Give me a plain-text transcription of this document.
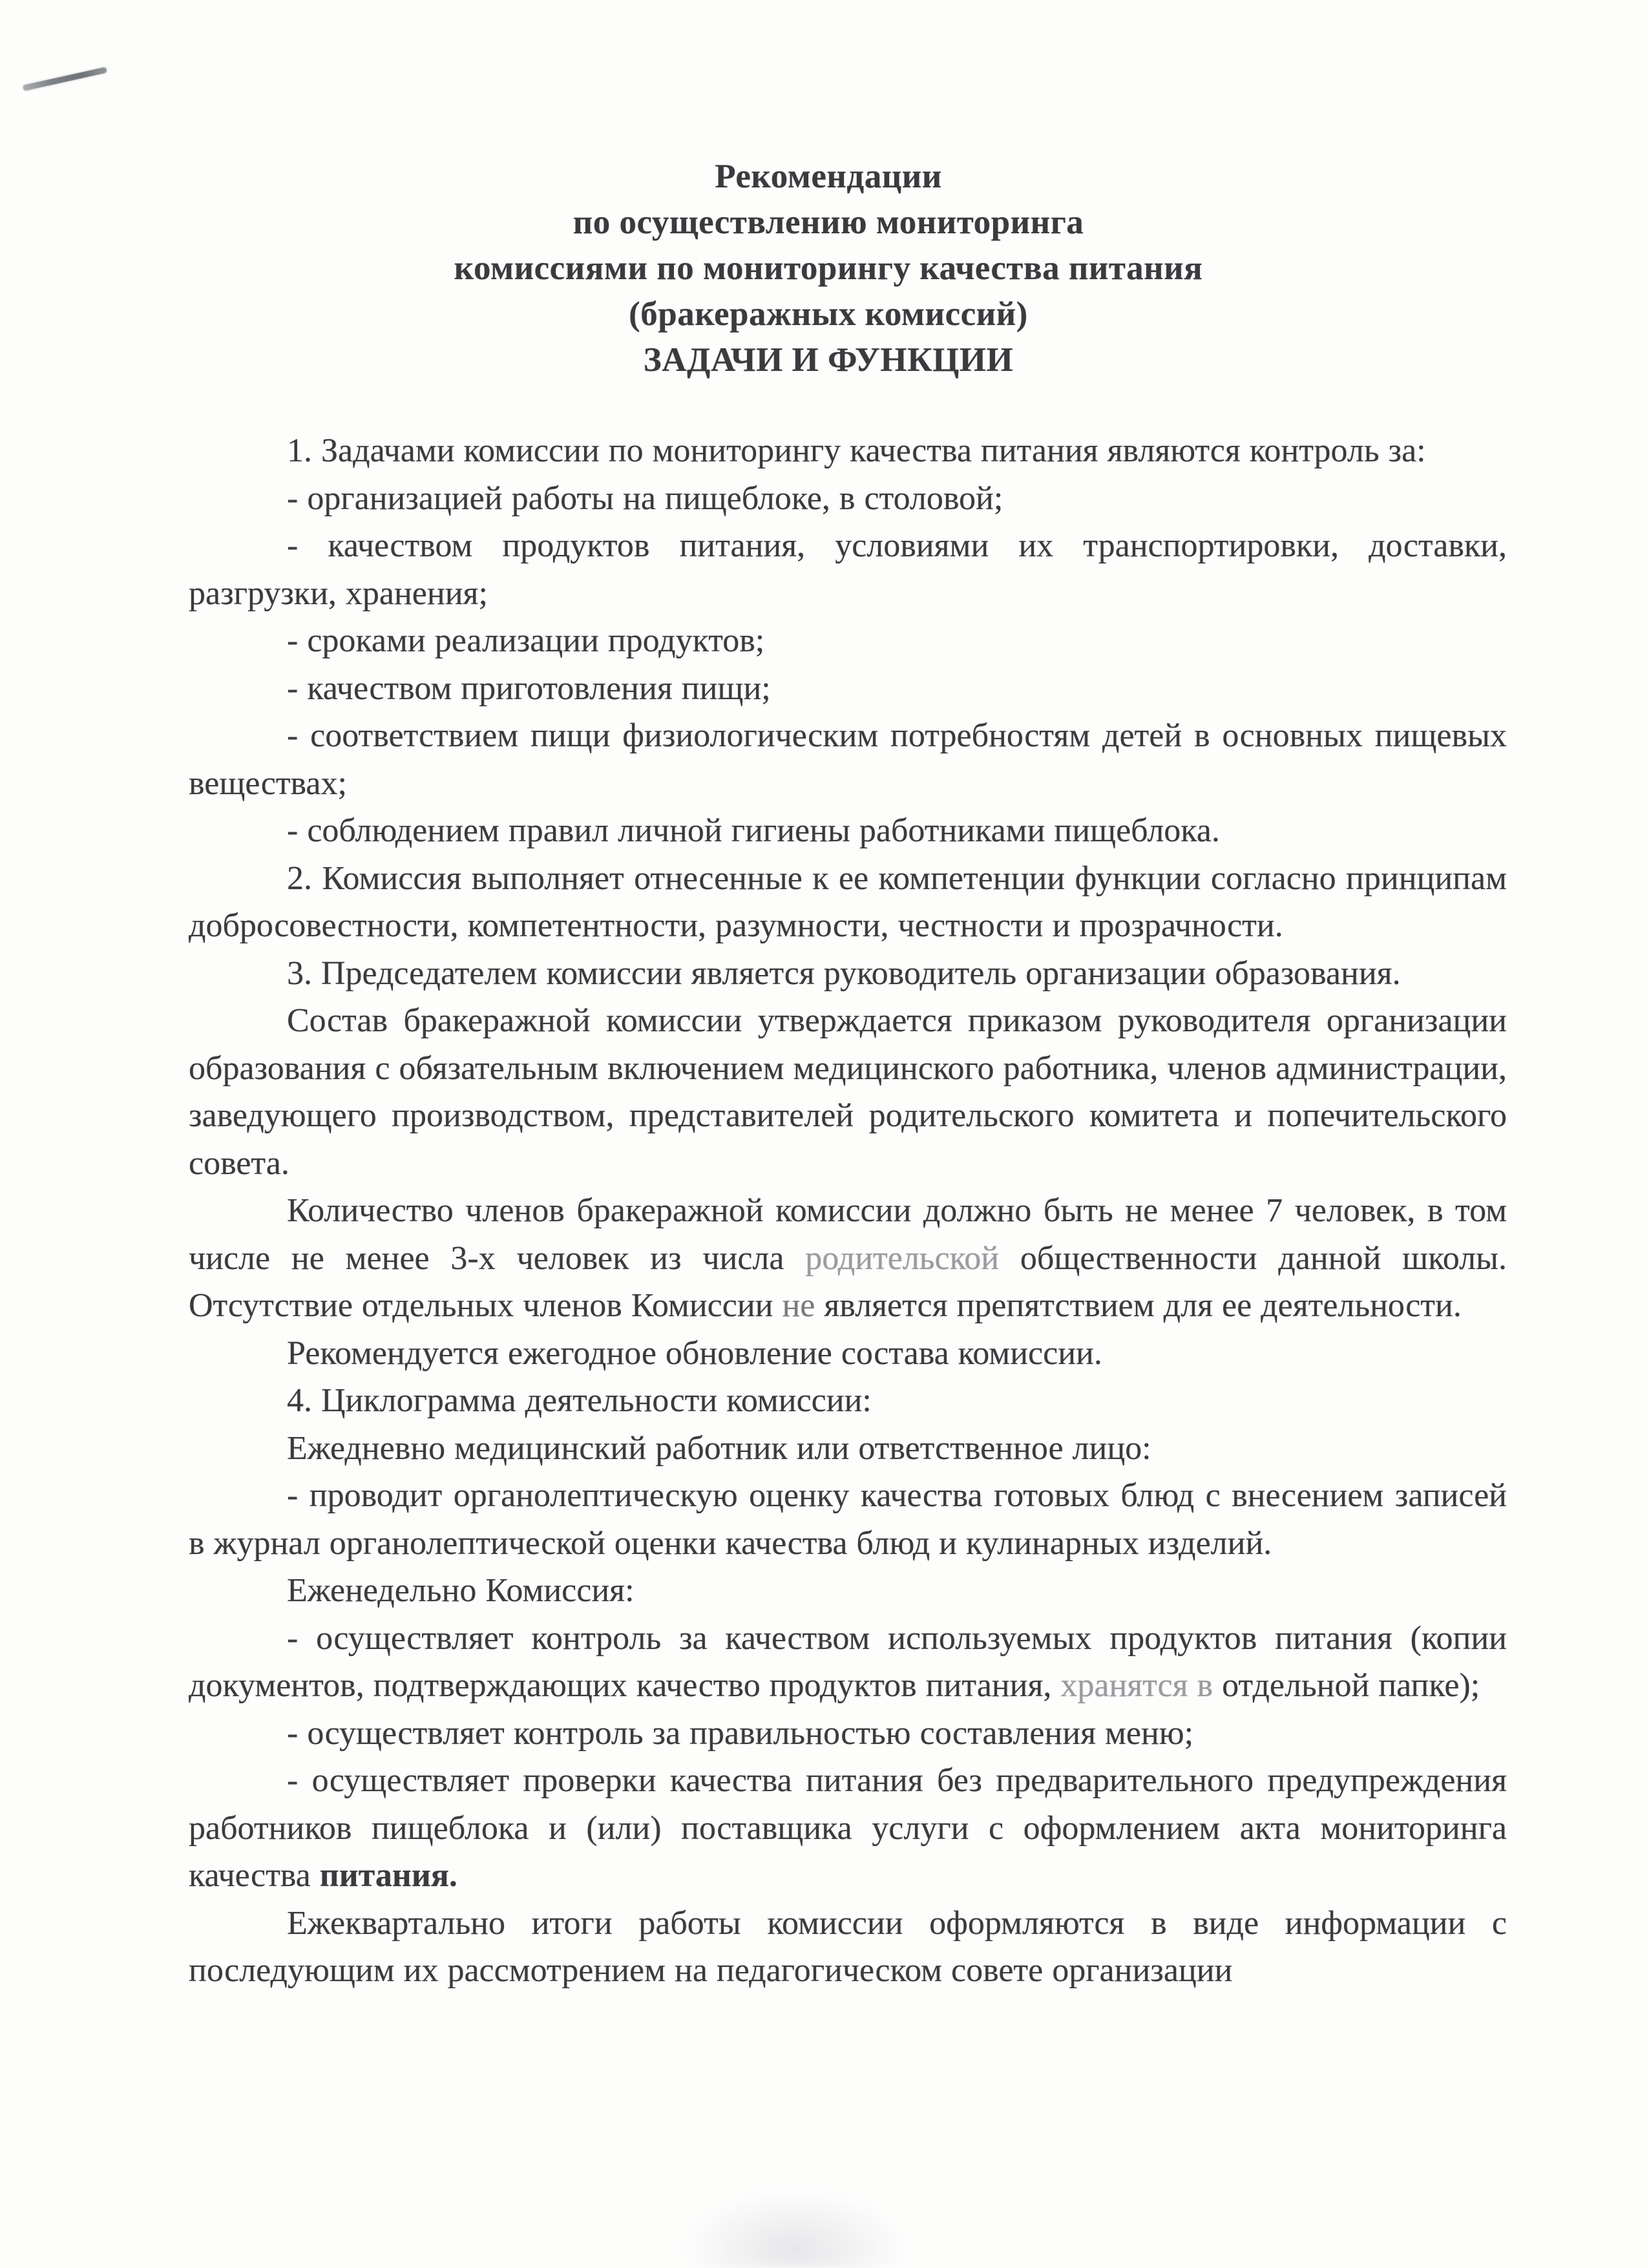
Рекомендации
по осуществлению мониторинга
комиссиями по мониторингу качества питания
(бракеражных комиссий)
ЗАДАЧИ И ФУНКЦИИ

1. Задачами комиссии по мониторингу качества питания являются контроль за:

- организацией работы на пищеблоке, в столовой;

- качеством продуктов питания, условиями их транспортировки, доставки, разгрузки, хранения;

- сроками реализации продуктов;

- качеством приготовления пищи;

- соответствием пищи физиологическим потребностям детей в основных пищевых веществах;

- соблюдением правил личной гигиены работниками пищеблока.

2. Комиссия выполняет отнесенные к ее компетенции функции согласно принципам добросовестности, компетентности, разумности, честности и прозрачности.

3. Председателем комиссии является руководитель организации образования.

Состав бракеражной комиссии утверждается приказом руководителя организации образования с обязательным включением медицинского работника, членов администрации, заведующего производством, представителей родительского комитета и попечительского совета.

Количество членов бракеражной комиссии должно быть не менее 7 человек, в том числе не менее 3-х человек из числа родительской общественности данной школы. Отсутствие отдельных членов Комиссии не является препятствием для ее деятельности.

Рекомендуется ежегодное обновление состава комиссии.

4. Циклограмма деятельности комиссии:

Ежедневно медицинский работник или ответственное лицо:

- проводит органолептическую оценку качества готовых блюд с внесением записей в журнал органолептической оценки качества блюд и кулинарных изделий.

Еженедельно Комиссия:

- осуществляет контроль за качеством используемых продуктов питания (копии документов, подтверждающих качество продуктов питания, хранятся в отдельной папке);

- осуществляет контроль за правильностью составления меню;

- осуществляет проверки качества питания без предварительного предупреждения работников пищеблока и (или) поставщика услуги с оформлением акта мониторинга качества питания.

Ежеквартально итоги работы комиссии оформляются в виде информации с последующим их рассмотрением на педагогическом совете организации
